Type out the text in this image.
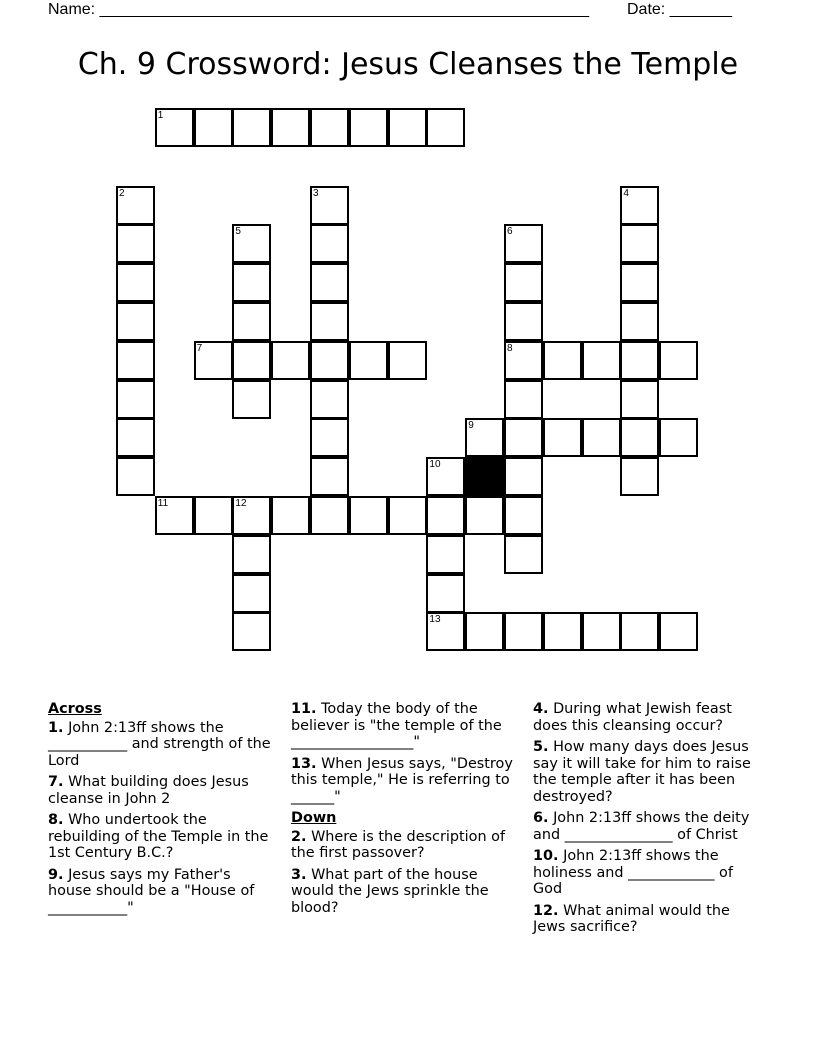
Name: _______________________________________________________ Date: _______
Ch. 9 Crossword: Jesus Cleanses the Temple
1
2	3	4
5	6
8
7
9
10
13
11	12
Across
1. John 2:13ff shows the ___________ and strength of the Lord
7. What building does Jesus cleanse in John 2
8. Who undertook the rebuilding of the Temple in the 1st Century B.C.?
9. Jesus says my Father's house should be a "House of ___________"
11. Today the body of the believer is "the temple of the _________________"
13. When Jesus says, "Destroy this temple," He is referring to ______"
Down
2. Where is the description of the first passover?
3. What part of the house would the Jews sprinkle the blood?
4. During what Jewish feast does this cleansing occur?
5. How many days does Jesus say it will take for him to raise the temple after it has been destroyed?
6. John 2:13ff shows the deity and _______________ of Christ
10. John 2:13ff shows the holiness and ____________ of God
12. What animal would the Jews sacrifice?
